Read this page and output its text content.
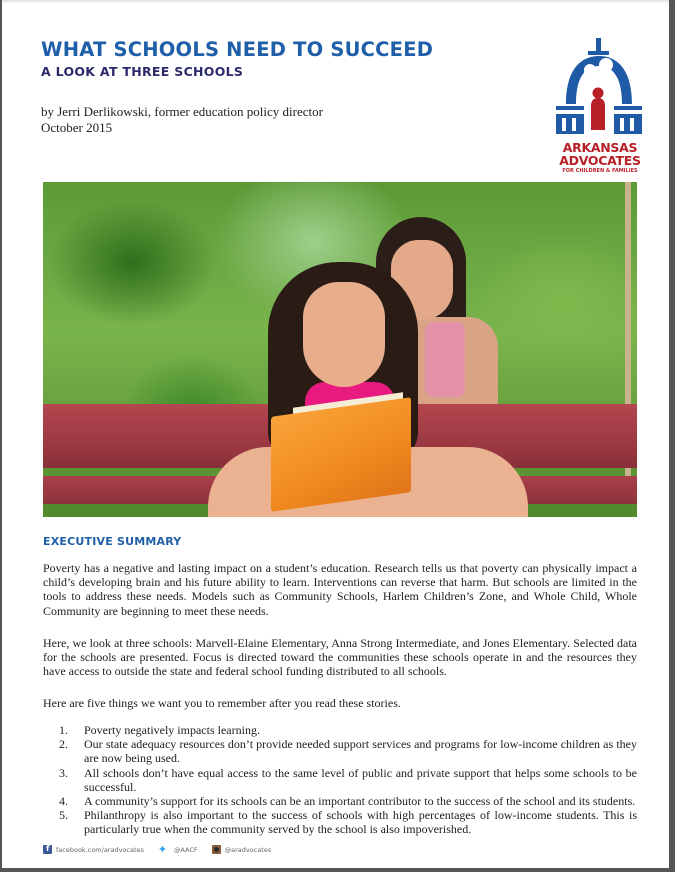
WHAT SCHOOLS NEED TO SUCCEED
A LOOK AT THREE SCHOOLS
by Jerri Derlikowski, former education policy director
October 2015
ARKANSAS
ADVOCATES
FOR CHILDREN & FAMILIES
EXECUTIVE SUMMARY

Poverty has a negative and lasting impact on a student’s education. Research tells us that poverty can physically impact a child’s developing brain and his future ability to learn. Interventions can reverse that harm. But schools are limited in the tools to address these needs. Models such as Community Schools, Harlem Children’s Zone, and Whole Child, Whole Community are beginning to meet these needs.

Here, we look at three schools: Marvell-Elaine Elementary, Anna Strong Intermediate, and Jones Elementary. Selected data for the schools are presented. Focus is directed toward the communities these schools operate in and the resources they have access to outside the state and federal school funding distributed to all schools.

Here are five things we want you to remember after you read these stories.

1. Poverty negatively impacts learning.
2. Our state adequacy resources don’t provide needed support services and programs for low-income children as they are now being used.
3. All schools don’t have equal access to the same level of public and private support that helps some schools to be successful.
4. A community’s support for its schools can be an important contributor to the success of the school and its students.
5. Philanthropy is also important to the success of schools with high percentages of low-income students. This is particularly true when the community served by the school is also impoverished.
f
facebook.com/aradvocates ✦	@AACF	@aradvocates
